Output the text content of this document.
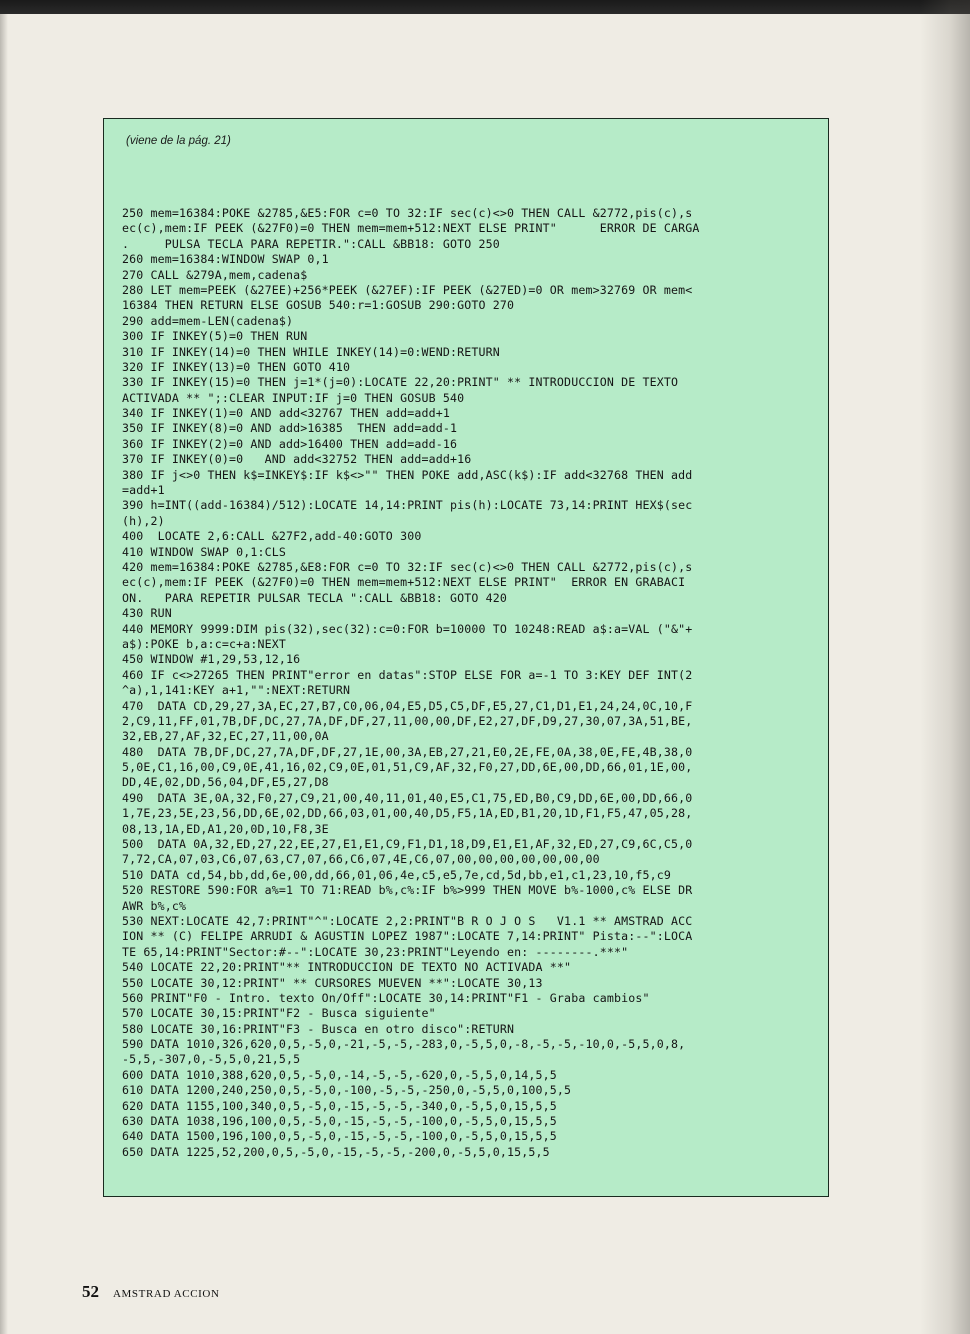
(viene de la pág. 21)
250 mem=16384:POKE &2785,&E5:FOR c=0 TO 32:IF sec(c)<>0 THEN CALL &2772,pis(c),s
ec(c),mem:IF PEEK (&27F0)=0 THEN mem=mem+512:NEXT ELSE PRINT"      ERROR DE CARGA
.     PULSA TECLA PARA REPETIR.":CALL &BB18: GOTO 250
260 mem=16384:WINDOW SWAP 0,1
270 CALL &279A,mem,cadena$
280 LET mem=PEEK (&27EE)+256*PEEK (&27EF):IF PEEK (&27ED)=0 OR mem>32769 OR mem<
16384 THEN RETURN ELSE GOSUB 540:r=1:GOSUB 290:GOTO 270
290 add=mem-LEN(cadena$)
300 IF INKEY(5)=0 THEN RUN
310 IF INKEY(14)=0 THEN WHILE INKEY(14)=0:WEND:RETURN
320 IF INKEY(13)=0 THEN GOTO 410
330 IF INKEY(15)=0 THEN j=1*(j=0):LOCATE 22,20:PRINT" ** INTRODUCCION DE TEXTO
ACTIVADA ** ";:CLEAR INPUT:IF j=0 THEN GOSUB 540
340 IF INKEY(1)=0 AND add<32767 THEN add=add+1
350 IF INKEY(8)=0 AND add>16385  THEN add=add-1
360 IF INKEY(2)=0 AND add>16400 THEN add=add-16
370 IF INKEY(0)=0   AND add<32752 THEN add=add+16
380 IF j<>0 THEN k$=INKEY$:IF k$<>"" THEN POKE add,ASC(k$):IF add<32768 THEN add
=add+1
390 h=INT((add-16384)/512):LOCATE 14,14:PRINT pis(h):LOCATE 73,14:PRINT HEX$(sec
(h),2)
400  LOCATE 2,6:CALL &27F2,add-40:GOTO 300
410 WINDOW SWAP 0,1:CLS
420 mem=16384:POKE &2785,&E8:FOR c=0 TO 32:IF sec(c)<>0 THEN CALL &2772,pis(c),s
ec(c),mem:IF PEEK (&27F0)=0 THEN mem=mem+512:NEXT ELSE PRINT"  ERROR EN GRABACI
ON.   PARA REPETIR PULSAR TECLA ":CALL &BB18: GOTO 420
430 RUN
440 MEMORY 9999:DIM pis(32),sec(32):c=0:FOR b=10000 TO 10248:READ a$:a=VAL ("&"+
a$):POKE b,a:c=c+a:NEXT
450 WINDOW #1,29,53,12,16
460 IF c<>27265 THEN PRINT"error en datas":STOP ELSE FOR a=-1 TO 3:KEY DEF INT(2
^a),1,141:KEY a+1,"":NEXT:RETURN
470  DATA CD,29,27,3A,EC,27,B7,C0,06,04,E5,D5,C5,DF,E5,27,C1,D1,E1,24,24,0C,10,F
2,C9,11,FF,01,7B,DF,DC,27,7A,DF,DF,27,11,00,00,DF,E2,27,DF,D9,27,30,07,3A,51,BE,
32,EB,27,AF,32,EC,27,11,00,0A
480  DATA 7B,DF,DC,27,7A,DF,DF,27,1E,00,3A,EB,27,21,E0,2E,FE,0A,38,0E,FE,4B,38,0
5,0E,C1,16,00,C9,0E,41,16,02,C9,0E,01,51,C9,AF,32,F0,27,DD,6E,00,DD,66,01,1E,00,
DD,4E,02,DD,56,04,DF,E5,27,D8
490  DATA 3E,0A,32,F0,27,C9,21,00,40,11,01,40,E5,C1,75,ED,B0,C9,DD,6E,00,DD,66,0
1,7E,23,5E,23,56,DD,6E,02,DD,66,03,01,00,40,D5,F5,1A,ED,B1,20,1D,F1,F5,47,05,28,
08,13,1A,ED,A1,20,0D,10,F8,3E
500  DATA 0A,32,ED,27,22,EE,27,E1,E1,C9,F1,D1,18,D9,E1,E1,AF,32,ED,27,C9,6C,C5,0
7,72,CA,07,03,C6,07,63,C7,07,66,C6,07,4E,C6,07,00,00,00,00,00,00,00
510 DATA cd,54,bb,dd,6e,00,dd,66,01,06,4e,c5,e5,7e,cd,5d,bb,e1,c1,23,10,f5,c9
520 RESTORE 590:FOR a%=1 TO 71:READ b%,c%:IF b%>999 THEN MOVE b%-1000,c% ELSE DR
AWR b%,c%
530 NEXT:LOCATE 42,7:PRINT"^":LOCATE 2,2:PRINT"B R O J O S   V1.1 ** AMSTRAD ACC
ION ** (C) FELIPE ARRUDI & AGUSTIN LOPEZ 1987":LOCATE 7,14:PRINT" Pista:--":LOCA
TE 65,14:PRINT"Sector:#--":LOCATE 30,23:PRINT"Leyendo en: --------.***"
540 LOCATE 22,20:PRINT"** INTRODUCCION DE TEXTO NO ACTIVADA **"
550 LOCATE 30,12:PRINT" ** CURSORES MUEVEN **":LOCATE 30,13
560 PRINT"F0 - Intro. texto On/Off":LOCATE 30,14:PRINT"F1 - Graba cambios"
570 LOCATE 30,15:PRINT"F2 - Busca siguiente"
580 LOCATE 30,16:PRINT"F3 - Busca en otro disco":RETURN
590 DATA 1010,326,620,0,5,-5,0,-21,-5,-5,-283,0,-5,5,0,-8,-5,-5,-10,0,-5,5,0,8,
-5,5,-307,0,-5,5,0,21,5,5
600 DATA 1010,388,620,0,5,-5,0,-14,-5,-5,-620,0,-5,5,0,14,5,5
610 DATA 1200,240,250,0,5,-5,0,-100,-5,-5,-250,0,-5,5,0,100,5,5
620 DATA 1155,100,340,0,5,-5,0,-15,-5,-5,-340,0,-5,5,0,15,5,5
630 DATA 1038,196,100,0,5,-5,0,-15,-5,-5,-100,0,-5,5,0,15,5,5
640 DATA 1500,196,100,0,5,-5,0,-15,-5,-5,-100,0,-5,5,0,15,5,5
650 DATA 1225,52,200,0,5,-5,0,-15,-5,-5,-200,0,-5,5,0,15,5,5
52 AMSTRAD ACCION
